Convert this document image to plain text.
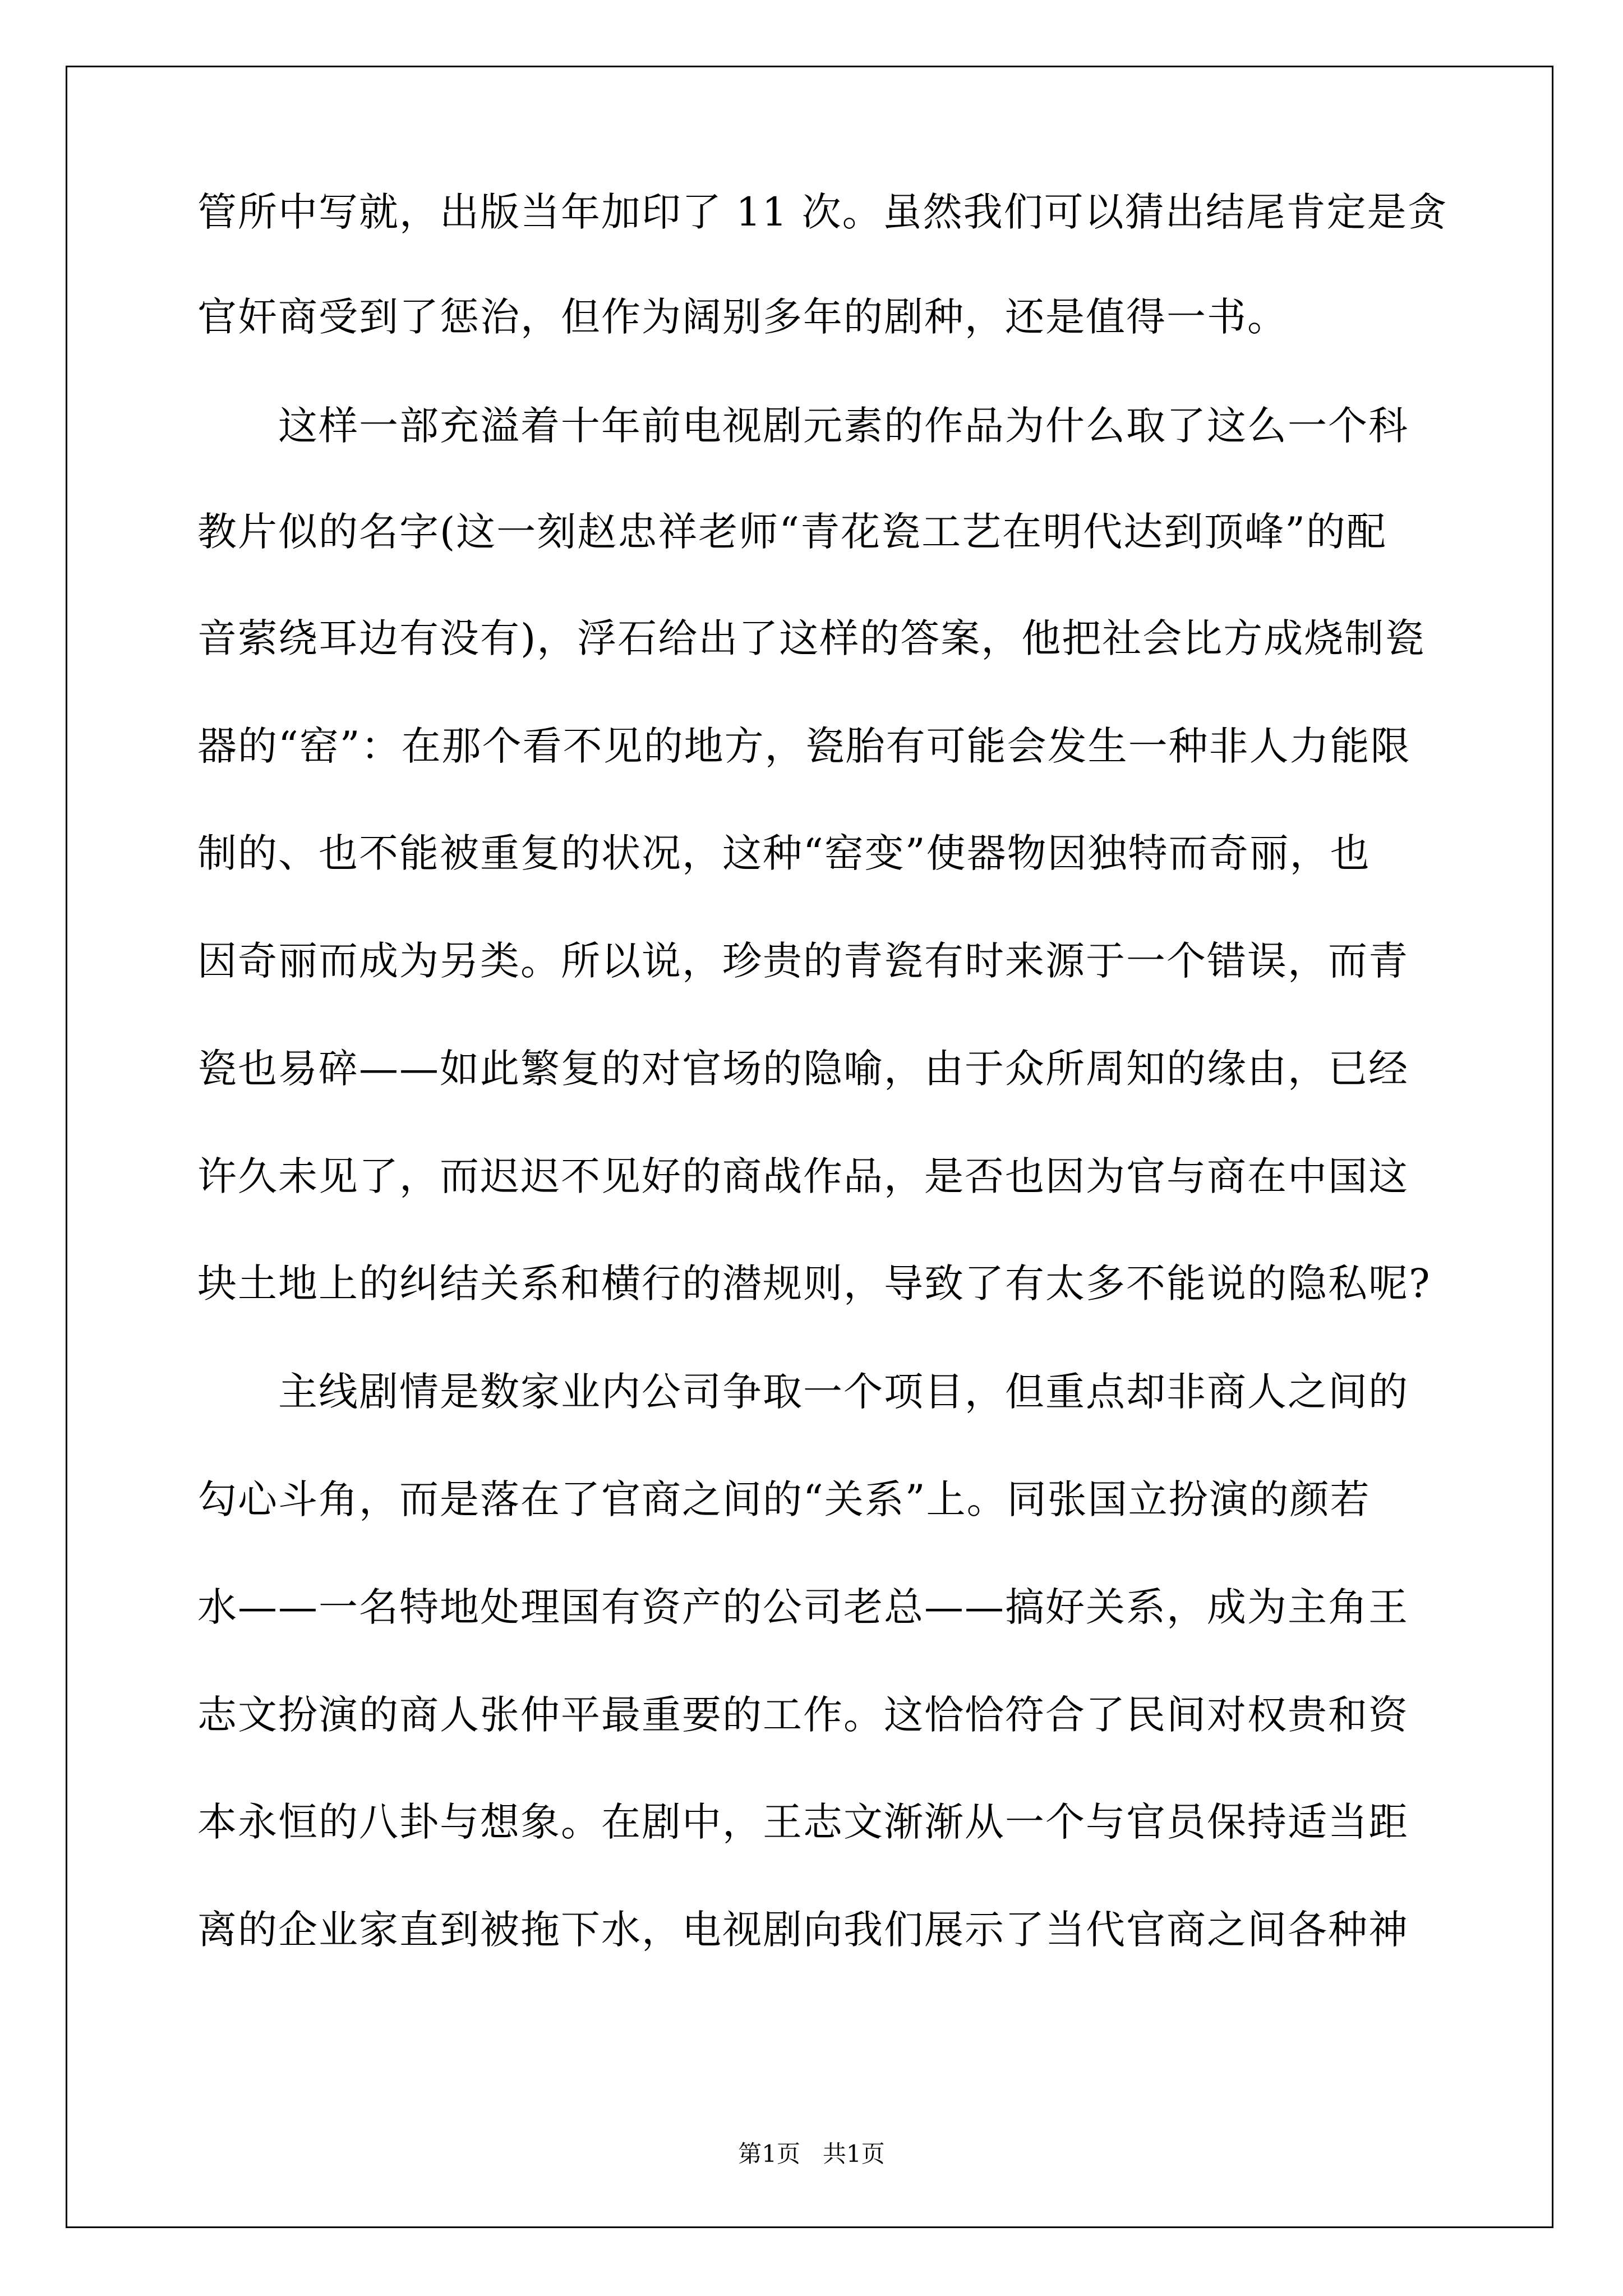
管所中写就，出版当年加印了 11 次。虽然我们可以猜出结尾肯定是贪
官奸商受到了惩治，但作为阔别多年的剧种，还是值得一书。
这样一部充溢着十年前电视剧元素的作品为什么取了这么一个科
教片似的名字(这一刻赵忠祥老师“青花瓷工艺在明代达到顶峰”的配
音萦绕耳边有没有)，浮石给出了这样的答案，他把社会比方成烧制瓷
器的“窑”：在那个看不见的地方，瓷胎有可能会发生一种非人力能限
制的、也不能被重复的状况，这种“窑变”使器物因独特而奇丽，也
因奇丽而成为另类。所以说，珍贵的青瓷有时来源于一个错误，而青
瓷也易碎——如此繁复的对官场的隐喻，由于众所周知的缘由，已经
许久未见了，而迟迟不见好的商战作品，是否也因为官与商在中国这
块土地上的纠结关系和横行的潜规则，导致了有太多不能说的隐私呢?
主线剧情是数家业内公司争取一个项目，但重点却非商人之间的
勾心斗角，而是落在了官商之间的“关系”上。同张国立扮演的颜若
水——一名特地处理国有资产的公司老总——搞好关系，成为主角王
志文扮演的商人张仲平最重要的工作。这恰恰符合了民间对权贵和资
本永恒的八卦与想象。在剧中，王志文渐渐从一个与官员保持适当距
离的企业家直到被拖下水，电视剧向我们展示了当代官商之间各种神
第1页   共1页
